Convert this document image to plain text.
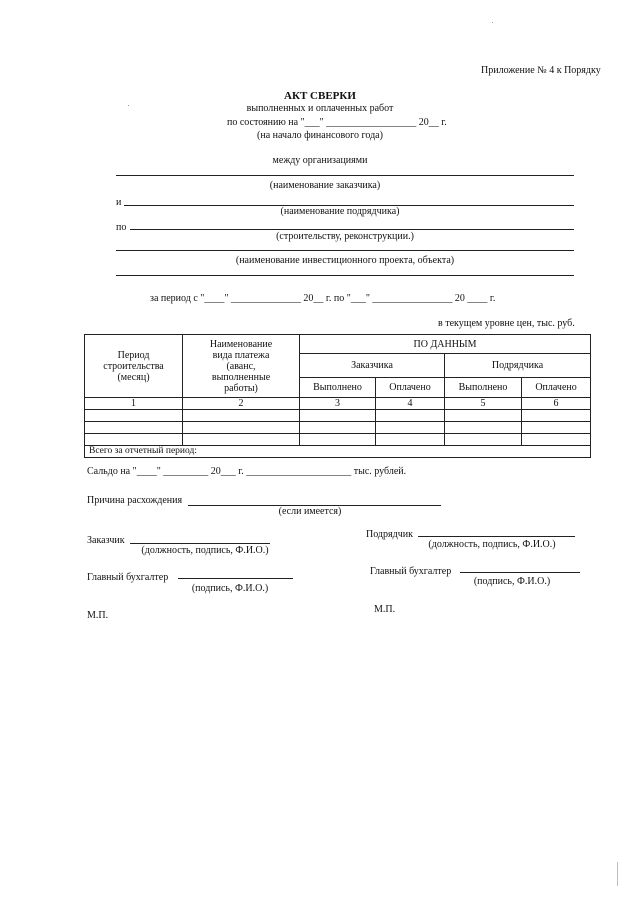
Приложение № 4 к Порядку
АКТ СВЕРКИ
выполненных и оплаченных работ
по состоянию на "___" __________________ 20__ г.
(на начало финансового года)
между организациями
(наименование заказчика)
и
(наименование подрядчика)
по
(строительству, реконструкции.)
(наименование инвестиционного проекта, объекта)
за период с "____" ______________ 20__ г. по "___" ________________ 20 ____ г.
в текущем уровне цен, тыс. руб.
Период строительства (месяц)	Наименование вида платежа (аванс, выполненные работы)	ПО ДАННЫМ			
		Заказчика		Подрядчика	
		Выполнено	Оплачено	Выполнено	Оплачено
1	2	3	4	5	6

Всего за отчетный период:					
Сальдо на "____" _________ 20___ г. _____________________ тыс. рублей.
Причина расхождения
(если имеется)
Заказчик
(должность, подпись, Ф.И.О.)
Главный бухгалтер
(подпись, Ф.И.О.)
М.П.
Подрядчик
(должность, подпись, Ф.И.О.)
Главный бухгалтер
(подпись, Ф.И.О.)
М.П.
